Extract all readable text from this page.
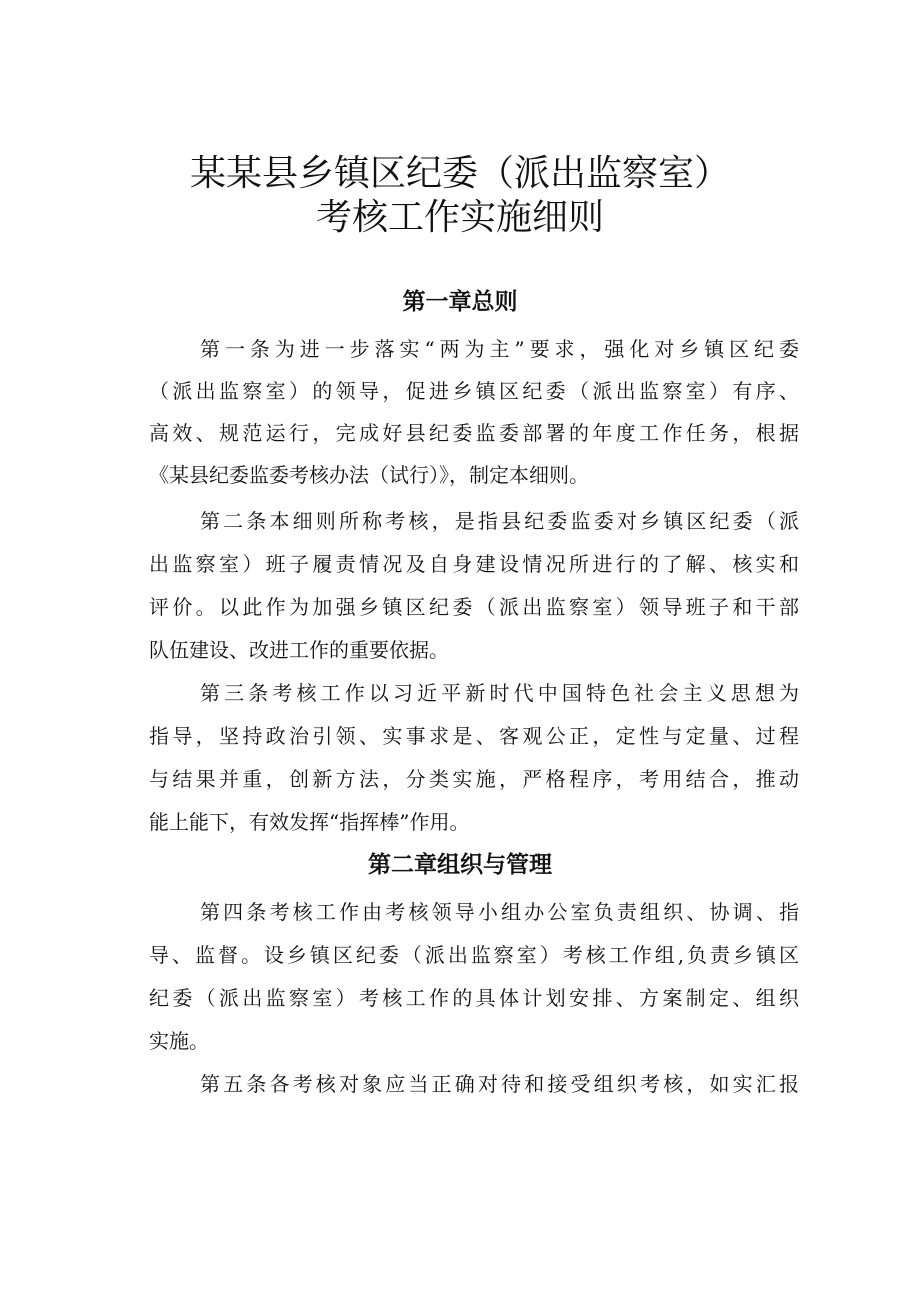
某某县乡镇区纪委（派出监察室）
考核工作实施细则
第一章总则
第一条为进一步落实“两为主”要求，强化对乡镇区纪委
（派出监察室）的领导，促进乡镇区纪委（派出监察室）有序、
高效、规范运行，完成好县纪委监委部署的年度工作任务，根据
《某县纪委监委考核办法（试行）》，制定本细则。
第二条本细则所称考核，是指县纪委监委对乡镇区纪委（派
出监察室）班子履责情况及自身建设情况所进行的了解、核实和
评价。以此作为加强乡镇区纪委（派出监察室）领导班子和干部
队伍建设、改进工作的重要依据。
第三条考核工作以习近平新时代中国特色社会主义思想为
指导，坚持政治引领、实事求是、客观公正，定性与定量、过程
与结果并重，创新方法，分类实施，严格程序，考用结合，推动
能上能下，有效发挥“指挥棒”作用。
第二章组织与管理
第四条考核工作由考核领导小组办公室负责组织、协调、指
导、监督。设乡镇区纪委（派出监察室）考核工作组,负责乡镇区
纪委（派出监察室）考核工作的具体计划安排、方案制定、组织
实施。
第五条各考核对象应当正确对待和接受组织考核，如实汇报
